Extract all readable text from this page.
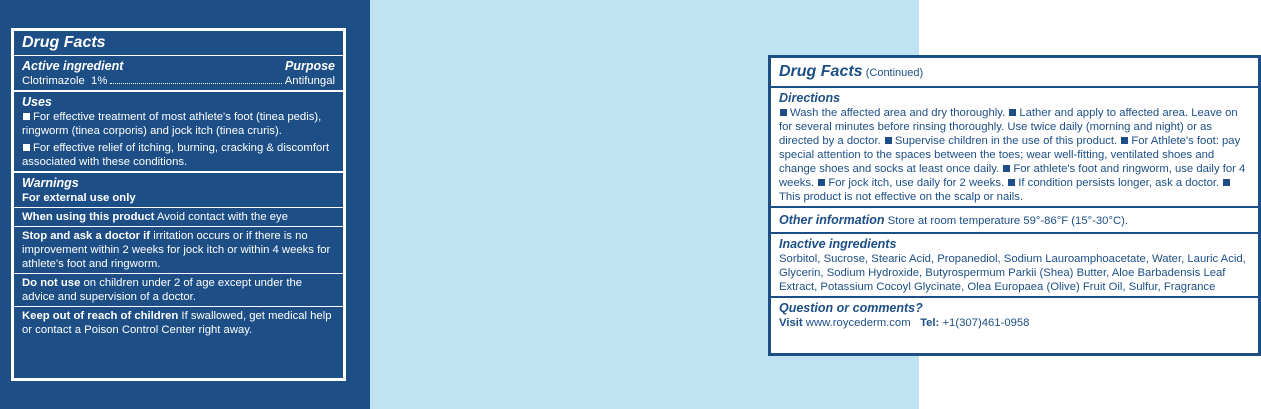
Drug Facts
Active ingredient	Purpose
Clotrimazole  1%	Antifungal
Uses

For effective treatment of most athlete's foot (tinea pedis), ringworm (tinea corporis) and jock itch (tinea cruris).

For effective relief of itching, burning, cracking & discomfort associated with these conditions.

Warnings
For external use only

When using this product Avoid contact with the eye

Stop and ask a doctor if irritation occurs or if there is no improvement within 2 weeks for jock itch or within 4 weeks for athlete's foot and ringworm.

Do not use on children under 2 of age except under the advice and supervision of a doctor.

Keep out of reach of children If swallowed, get medical help or contact a Poison Control Center right away.

Drug Facts (Continued)
Directions

Wash the affected area and dry thoroughly. Lather and apply to affected area. Leave on for several minutes before rinsing thoroughly. Use twice daily (morning and night) or as directed by a doctor. Supervise children in the use of this product. For Athlete's foot: pay special attention to the spaces between the toes; wear well-fitting, ventilated shoes and change shoes and socks at least once daily. For athlete's foot and ringworm, use daily for 4 weeks. For jock itch, use daily for 2 weeks. If condition persists longer, ask a doctor. This product is not effective on the scalp or nails.

Other information Store at room temperature 59°-86°F (15°-30°C).

Inactive ingredients

Sorbitol, Sucrose, Stearic Acid, Propanediol, Sodium Lauroamphoacetate, Water, Lauric Acid, Glycerin, Sodium Hydroxide, Butyrospermum Parkii (Shea) Butter, Aloe Barbadensis Leaf Extract, Potassium Cocoyl Glycinate, Olea Europaea (Olive) Fruit Oil, Sulfur, Fragrance

Question or comments?

Visit www.roycederm.com Tel: +1(307)461-0958
